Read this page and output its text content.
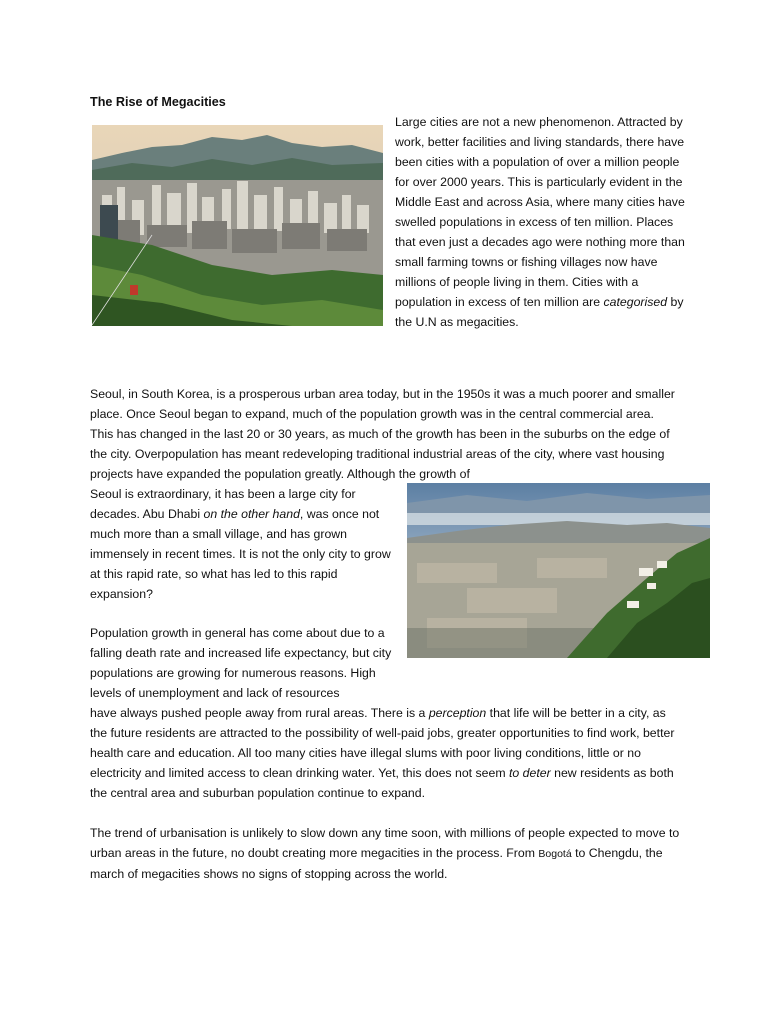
The Rise of Megacities

Large cities are not a new phenomenon. Attracted by work, better facilities and living standards, there have been cities with a population of over a million people for over 2000 years. This is particularly evident in the Middle East and across Asia, where many cities have swelled populations in excess of ten million. Places that even just a decades ago were nothing more than small farming towns or fishing villages now have millions of people living in them. Cities with a population in excess of ten million are categorised by the U.N as megacities.

Seoul, in South Korea, is a prosperous urban area today, but in the 1950s it was a much poorer and smaller place. Once Seoul began to expand, much of the population growth was in the central commercial area. This has changed in the last 20 or 30 years, as much of the growth has been in the suburbs on the edge of the city. Overpopulation has meant redeveloping traditional industrial areas of the city, where vast housing projects have expanded the population greatly. Although the growth of

Seoul is extraordinary, it has been a large city for decades. Abu Dhabi on the other hand, was once not much more than a small village, and has grown immensely in recent times. It is not the only city to grow at this rapid rate, so what has led to this rapid expansion?

Population growth in general has come about due to a falling death rate and increased life expectancy, but city populations are growing for numerous reasons. High levels of unemployment and lack of resources

have always pushed people away from rural areas. There is a perception that life will be better in a city, as the future residents are attracted to the possibility of well-paid jobs, greater opportunities to find work, better health care and education. All too many cities have illegal slums with poor living conditions, little or no electricity and limited access to clean drinking water. Yet, this does not seem to deter new residents as both the central area and suburban population continue to expand.

The trend of urbanisation is unlikely to slow down any time soon, with millions of people expected to move to urban areas in the future, no doubt creating more megacities in the process. From Bogotá to Chengdu, the march of megacities shows no signs of stopping across the world.
